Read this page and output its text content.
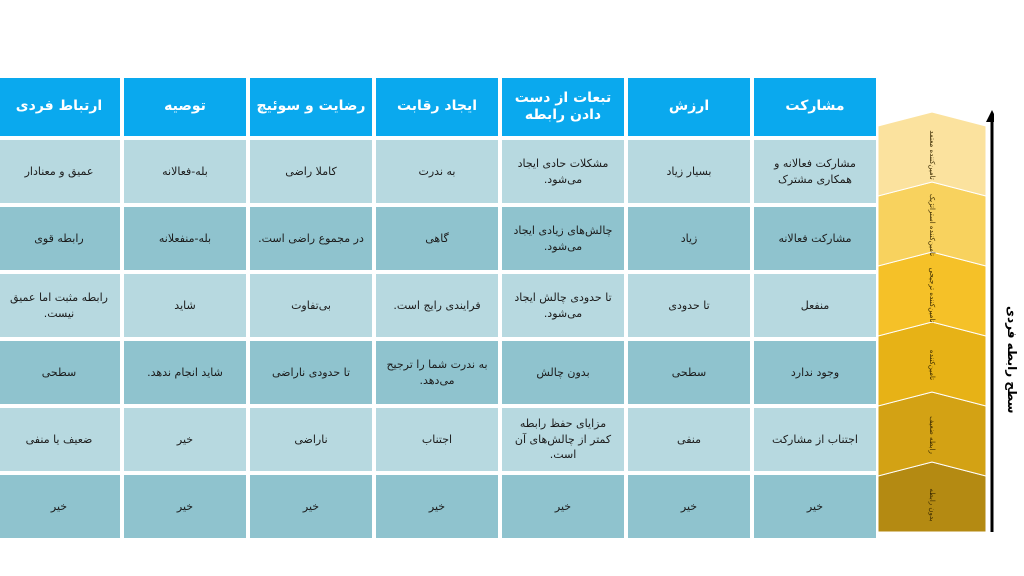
مشارکت
ارزش
تبعات از دست دادن رابطه
ایجاد رقابت
رضایت و سوئیچ
توصیه
ارتباط فردی
مشارکت فعالانه و همکاری مشترک
بسیار زیاد
مشکلات حادی ایجاد می‌شود.
به ندرت
کاملا راضی
بله-فعالانه
عمیق و معنادار
مشارکت فعالانه
زیاد
چالش‌های زیادی ایجاد می‌شود.
گاهی
در مجموع راضی است.
بله-منفعلانه
رابطه قوی
منفعل
تا حدودی
تا حدودی چالش ایجاد می‌شود.
فرایندی رایج است.
بی‌تفاوت
شاید
رابطه مثبت اما عمیق نیست.
وجود ندارد
سطحی
بدون چالش
به ندرت شما را ترجیح می‌دهد.
تا حدودی ناراضی
شاید انجام ندهد.
سطحی
اجتناب از مشارکت
منفی
مزایای حفظ رابطه کمتر از چالش‌های آن است.
اجتناب
ناراضی
خیر
ضعیف یا منفی
خیر
خیر
خیر
خیر
خیر
خیر
خیر	بدون رابطه
رابطه ضعیف
تامین‌کننده
تامین‌کننده ترجیحی
تامین‌کننده استراتژیک
تامین‌کننده معتمد
سطح رابطه فردی
